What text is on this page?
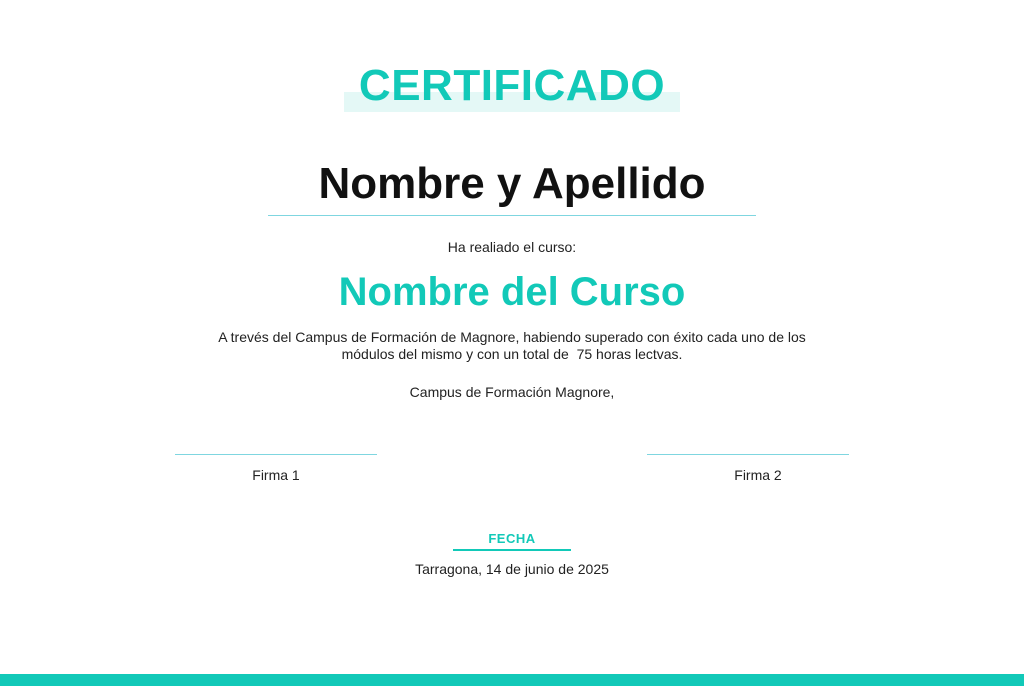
CERTIFICADO
Nombre y Apellido
Ha realiado el curso:
Nombre del Curso
A trevés del Campus de Formación de Magnore, habiendo superado con éxito cada uno de los
módulos del mismo y con un total de  75 horas lectvas.
Campus de Formación Magnore,
Firma 1	Firma 2
FECHA
Tarragona, 14 de junio de 2025
